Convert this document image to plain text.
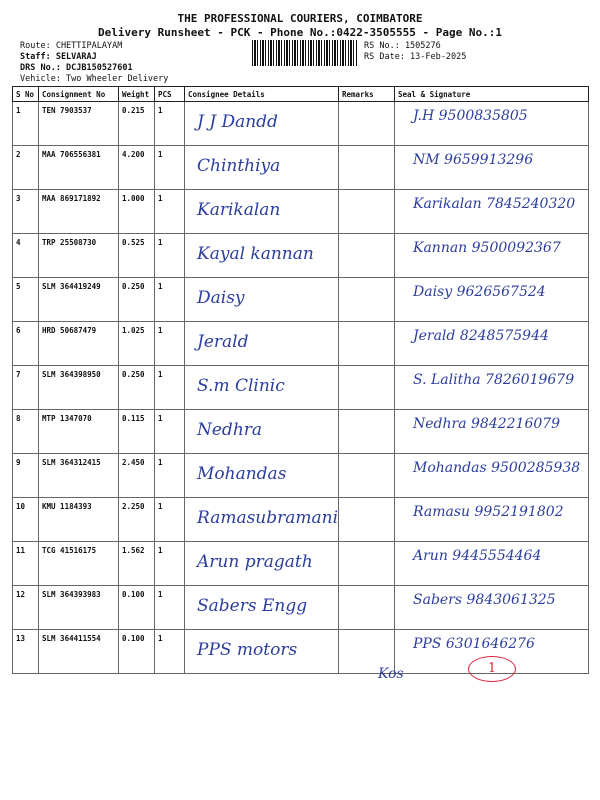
THE PROFESSIONAL COURIERS, COIMBATORE
Delivery Runsheet - PCK - Phone No.:0422-3505555 - Page No.:1
Route: CHETTIPALAYAM
Staff: SELVARAJ
DRS No.: DCJB150527601
Vehicle: Two Wheeler Delivery
RS No.: 1505276
RS Date: 13-Feb-2025
S No	Consignment No	Weight	PCS	Consignee Details	Remarks	Seal & Signature
1	TEN 7903537	0.215	1	J J Dandd		J.H 9500835805

2	MAA 706556381	4.200	1	Chinthiya		NM 9659913296

3	MAA 869171892	1.000	1	Karikalan		Karikalan 7845240320

4	TRP 25508730	0.525	1	Kayal kannan		Kannan 9500092367

5	SLM 364419249	0.250	1	Daisy		Daisy 9626567524

6	HRD 50687479	1.025	1	Jerald		Jerald 8248575944

7	SLM 364398950	0.250	1	S.m Clinic		S. Lalitha 7826019679

8	MTP 1347070	0.115	1	Nedhra		Nedhra 9842216079

9	SLM 364312415	2.450	1	Mohandas		Mohandas 9500285938

10	KMU 1184393	2.250	1	Ramasubramani		Ramasu 9952191802

11	TCG 41516175	1.562	1	Arun pragath		Arun 9445554464

12	SLM 364393983	0.100	1	Sabers Engg		Sabers 9843061325

13	SLM 364411554	0.100	1	PPS motors		PPS 6301646276
Kos	1
